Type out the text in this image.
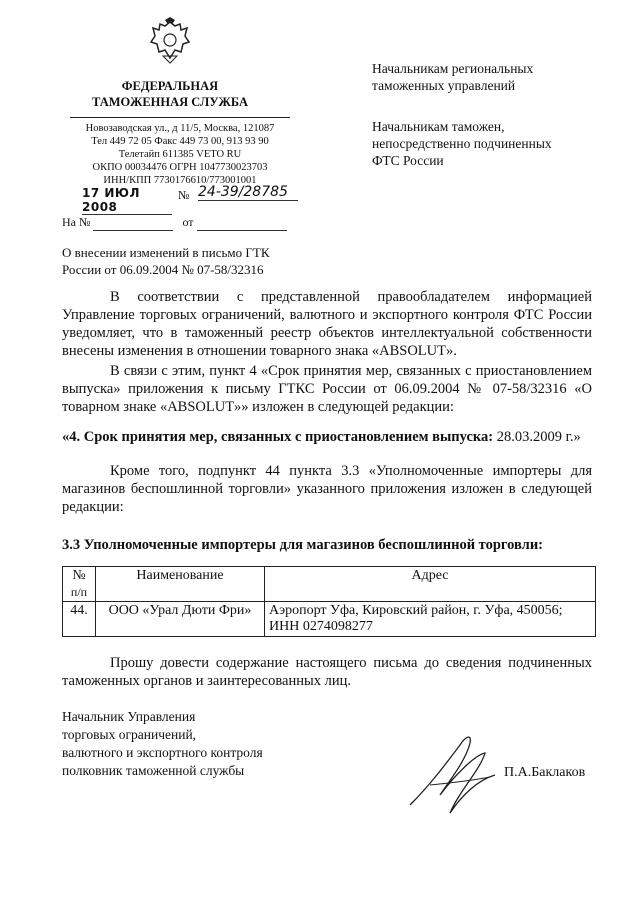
ФЕДЕРАЛЬНАЯ
ТАМОЖЕННАЯ СЛУЖБА
Новозаводская ул., д 11/5, Москва, 121087
Тел 449 72 05 Факс 449 73 00, 913 93 90
Телетайп 611385 VETO RU
ОКПО 00034476 ОГРН 1047730023703
ИНН/КПП 7730176610/773001001
17 ИЮЛ 2008
№ 24-39/28785
На №	от
О внесении изменений в письмо ГТК
России от 06.09.2004 № 07-58/32316
Начальникам региональных
таможенных управлений
Начальникам таможен,
непосредственно подчиненных
ФТС России
В соответствии с представленной правообладателем информацией Управление торговых ограничений, валютного и экспортного контроля ФТС России уведомляет, что в таможенный реестр объектов интеллектуальной собственности внесены изменения в отношении товарного знака «ABSOLUT».
В связи с этим, пункт 4 «Срок принятия мер, связанных с приостановлением выпуска» приложения к письму ГТКС России от 06.09.2004 № 07-58/32316 «О товарном знаке «ABSOLUT»» изложен в следующей редакции:
«4. Срок принятия мер, связанных с приостановлением выпуска: 28.03.2009 г.»
Кроме того, подпункт 44 пункта 3.3 «Уполномоченные импортеры для магазинов беспошлинной торговли» указанного приложения изложен в следующей редакции:
3.3 Уполномоченные импортеры для магазинов беспошлинной торговли:
№
п/п	Наименование	Адрес
44.	ООО «Урал Дюти Фри»	Аэропорт Уфа, Кировский район, г. Уфа, 450056;
ИНН 0274098277
Прошу довести содержание настоящего письма до сведения подчиненных таможенных органов и заинтересованных лиц.
Начальник Управления
торговых ограничений,
валютного и экспортного контроля
полковник таможенной службы	П.А.Баклаков
